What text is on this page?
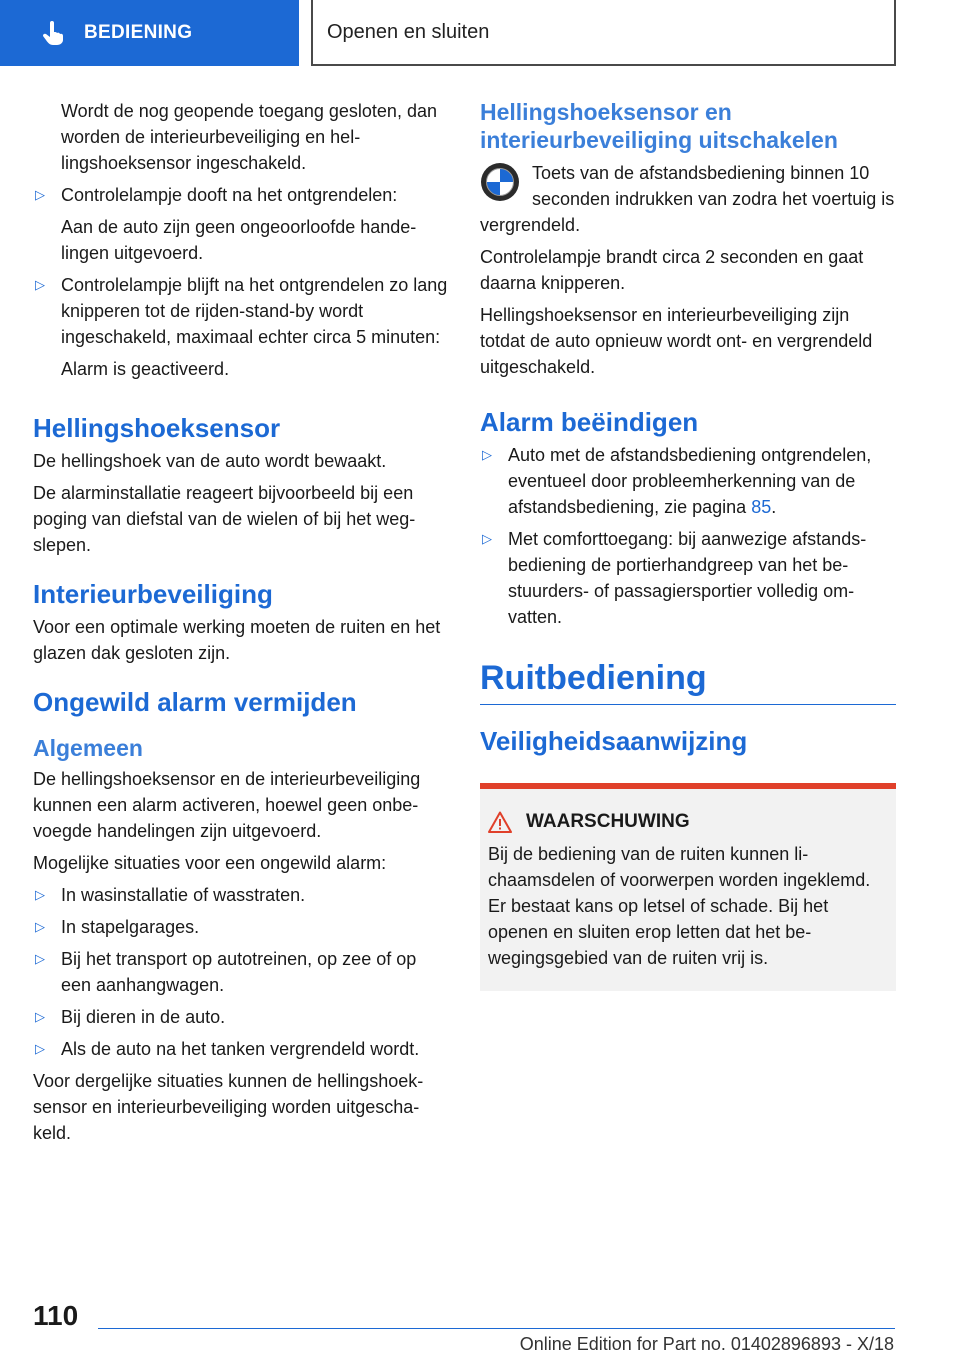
BEDIENING	Openen en sluiten

Wordt de nog geopende toegang gesloten, dan worden de interieurbeveiliging en hellingshoeksensor ingeschakeld.

▷ Controlelampje dooft na het ontgrendelen:
Aan de auto zijn geen ongeoorloofde handelingen uitgevoerd.
▷ Controlelampje blijft na het ontgrendelen zo lang knipperen tot de rijden-stand-by wordt ingeschakeld, maximaal echter circa 5 minuten:
Alarm is geactiveerd.
Hellingshoeksensor

De hellingshoek van de auto wordt bewaakt.

De alarminstallatie reageert bijvoorbeeld bij een poging van diefstal van de wielen of bij het wegslepen.

Interieurbeveiliging

Voor een optimale werking moeten de ruiten en het glazen dak gesloten zijn.

Ongewild alarm vermijden
Algemeen

De hellingshoeksensor en de interieurbeveiliging kunnen een alarm activeren, hoewel geen onbevoegde handelingen zijn uitgevoerd.

Mogelijke situaties voor een ongewild alarm:

▷ In wasinstallatie of wasstraten.
▷ In stapelgarages.
▷ Bij het transport op autotreinen, op zee of op een aanhangwagen.
▷ Bij dieren in de auto.
▷ Als de auto na het tanken vergrendeld wordt.

Voor dergelijke situaties kunnen de hellingshoeksensor en interieurbeveiliging worden uitgeschakeld.

Hellingshoeksensor en interieurbeveiliging uitschakelen

Toets van de afstandsbediening binnen 10 seconden indrukken van zodra het voertuig is vergrendeld.

Controlelampje brandt circa 2 seconden en gaat daarna knipperen.

Hellingshoeksensor en interieurbeveiliging zijn totdat de auto opnieuw wordt ont- en vergrendeld uitgeschakeld.

Alarm beëindigen
▷ Auto met de afstandsbediening ontgrendelen, eventueel door probleemherkenning van de afstandsbediening, zie pagina 85.
▷ Met comforttoegang: bij aanwezige afstandsbediening de portierhandgreep van het bestuurders- of passagiersportier volledig omvatten.
Ruitbediening
Veiligheidsaanwijzing
WAARSCHUWING

Bij de bediening van de ruiten kunnen lichaamsdelen of voorwerpen worden ingeklemd. Er bestaat kans op letsel of schade. Bij het openen en sluiten erop letten dat het bewegingsgebied van de ruiten vrij is.

110
Online Edition for Part no. 01402896893 - X/18
